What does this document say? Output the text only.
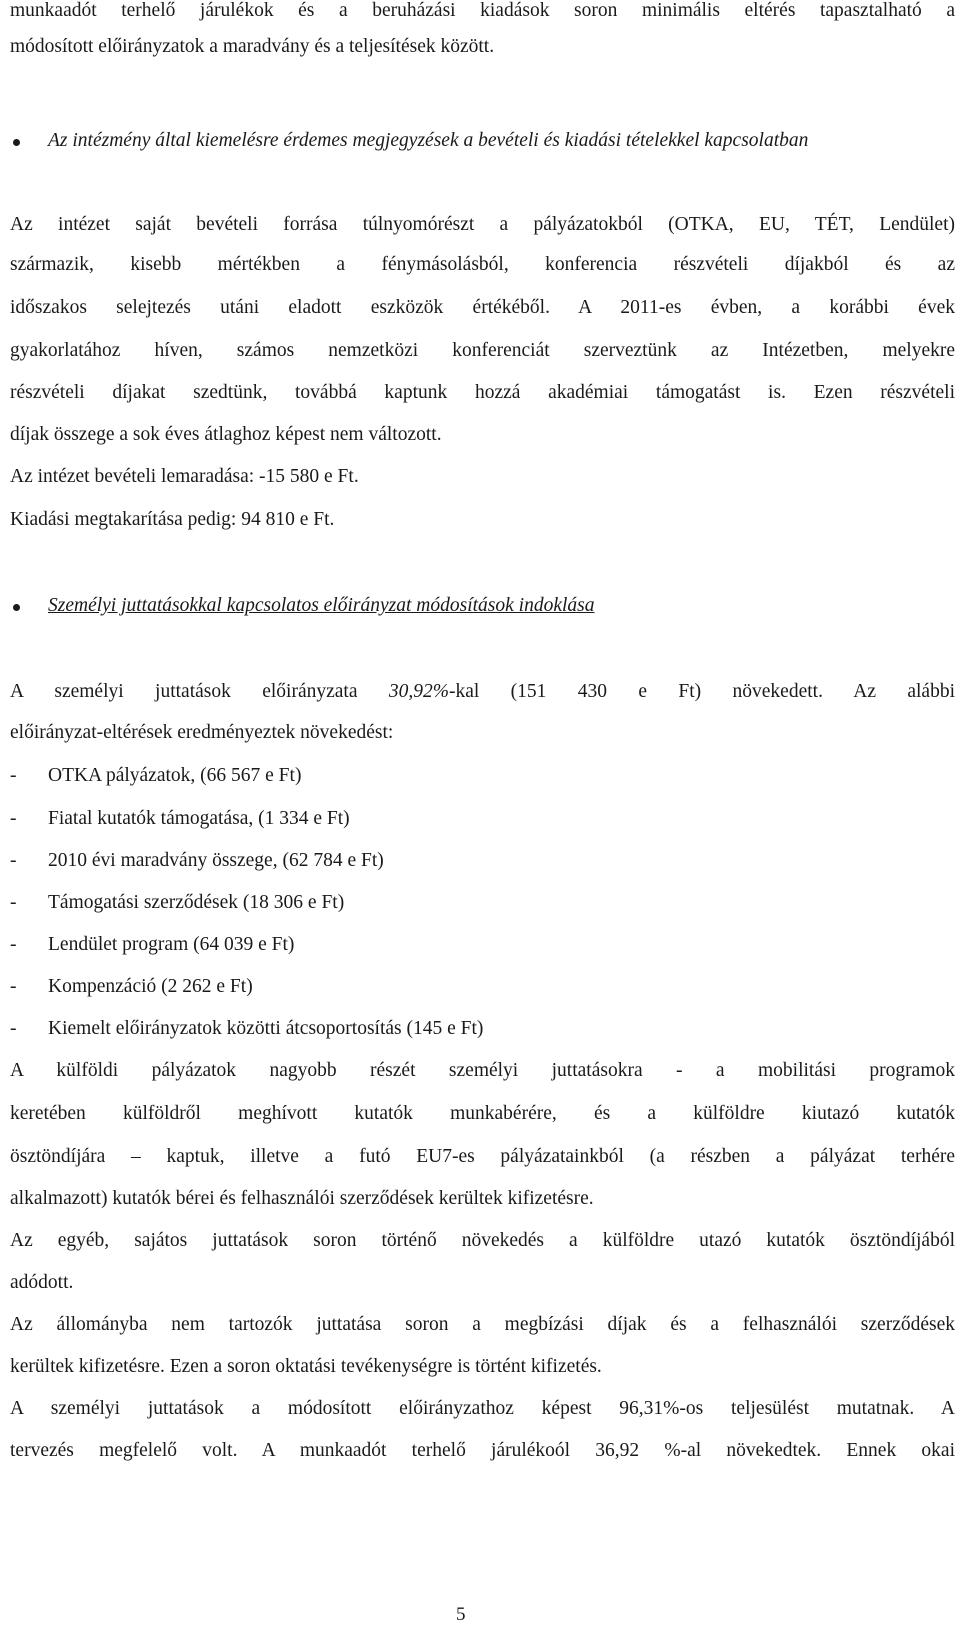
munkaadót terhelő járulékok és a beruházási kiadások soron minimális eltérés tapasztalható a
módosított előirányzatok a maradvány és a teljesítések között.
Az intézmény által kiemelésre érdemes megjegyzések a bevételi és kiadási tételekkel kapcsolatban
Az intézet saját bevételi forrása túlnyomórészt a pályázatokból (OTKA, EU, TÉT, Lendület)
származik, kisebb mértékben a fénymásolásból, konferencia részvételi díjakból és az
időszakos selejtezés utáni eladott eszközök értékéből. A 2011-es évben, a korábbi évek
gyakorlatához híven, számos nemzetközi konferenciát szerveztünk az Intézetben, melyekre
részvételi díjakat szedtünk, továbbá kaptunk hozzá akadémiai támogatást is. Ezen részvételi
díjak összege a sok éves átlaghoz képest nem változott.
Az intézet bevételi lemaradása: -15 580 e Ft.
Kiadási megtakarítása pedig: 94 810 e Ft.
Személyi juttatásokkal kapcsolatos előirányzat módosítások indoklása
A személyi juttatások előirányzata 30,92%-kal (151 430 e Ft) növekedett. Az alábbi
előirányzat-eltérések eredményeztek növekedést:
- OTKA pályázatok, (66 567 e Ft)
- Fiatal kutatók támogatása, (1 334 e Ft)
- 2010 évi maradvány összege, (62 784 e Ft)
- Támogatási szerződések (18 306 e Ft)
- Lendület program (64 039 e Ft)
- Kompenzáció (2 262 e Ft)
- Kiemelt előirányzatok közötti átcsoportosítás (145 e Ft)
A külföldi pályázatok nagyobb részét személyi juttatásokra - a mobilitási programok
keretében külföldről meghívott kutatók munkabérére, és a külföldre kiutazó kutatók
ösztöndíjára – kaptuk, illetve a futó EU7-es pályázatainkból (a részben a pályázat terhére
alkalmazott) kutatók bérei és felhasználói szerződések kerültek kifizetésre.
Az egyéb, sajátos juttatások soron történő növekedés a külföldre utazó kutatók ösztöndíjából
adódott.
Az állományba nem tartozók juttatása soron a megbízási díjak és a felhasználói szerződések
kerültek kifizetésre. Ezen a soron oktatási tevékenységre is történt kifizetés.
A személyi juttatások a módosított előirányzathoz képest 96,31%-os teljesülést mutatnak. A
tervezés megfelelő volt. A munkaadót terhelő járulékoól 36,92 %-al növekedtek. Ennek okai
5
